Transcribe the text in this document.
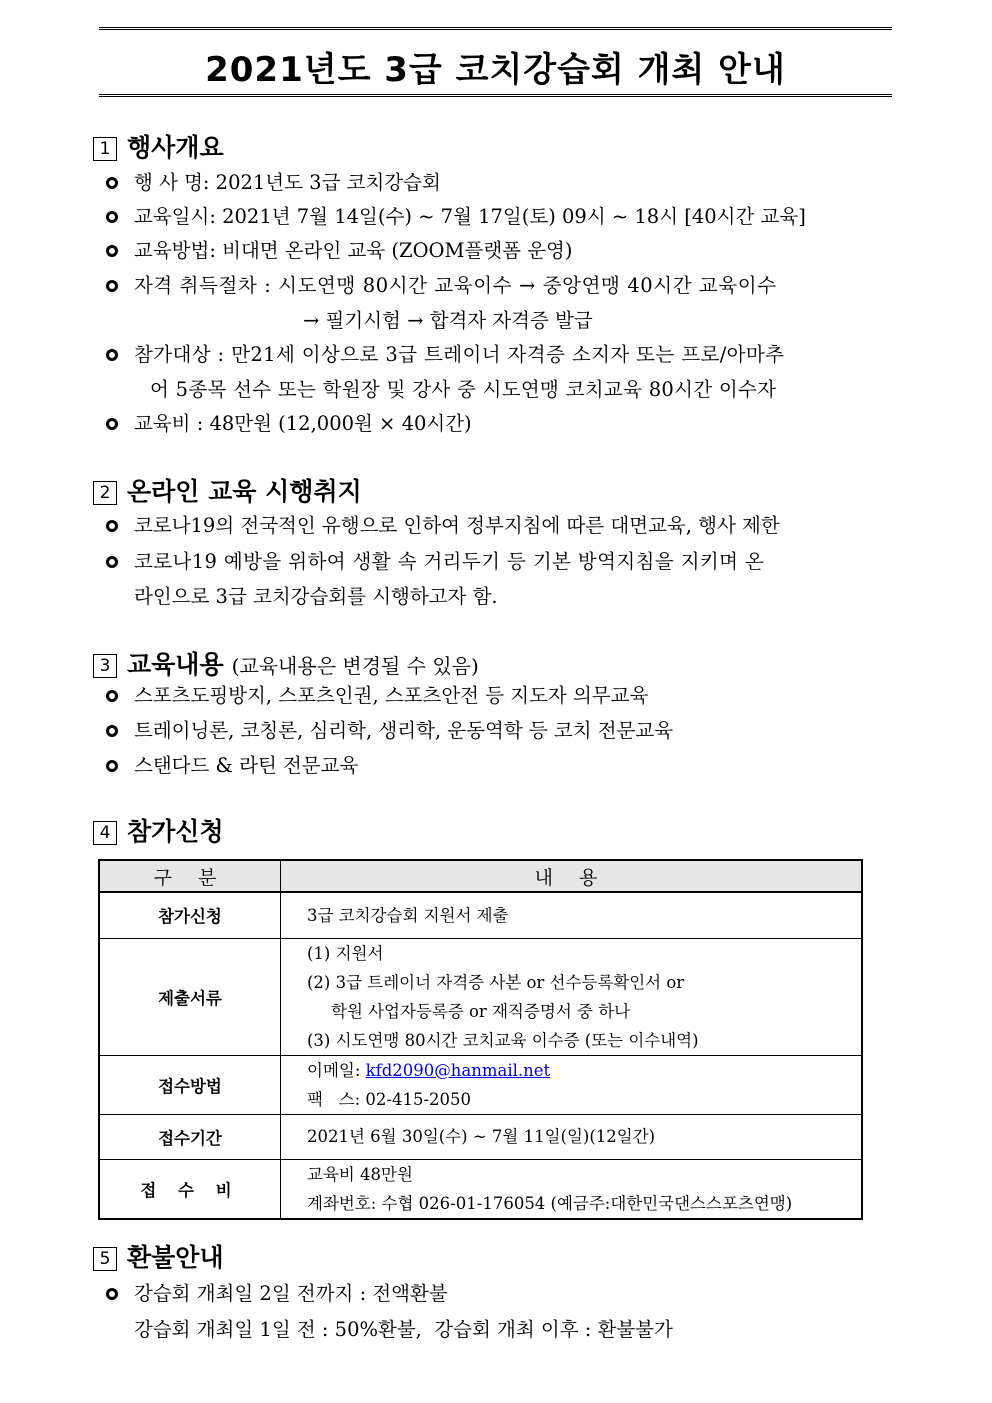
2021년도 3급 코치강습회 개최 안내
1 행사개요
행 사 명: 2021년도 3급 코치강습회
교육일시: 2021년 7월 14일(수) ~ 7월 17일(토) 09시 ~ 18시 [40시간 교육]
교육방법: 비대면 온라인 교육 (ZOOM플랫폼 운영)
자격 취득절차 : 시도연맹 80시간 교육이수 → 중앙연맹 40시간 교육이수
→ 필기시험 → 합격자 자격증 발급
참가대상 : 만21세 이상으로 3급 트레이너 자격증 소지자 또는 프로/아마추
어 5종목 선수 또는 학원장 및 강사 중 시도연맹 코치교육 80시간 이수자
교육비 : 48만원 (12,000원 × 40시간)
2 온라인 교육 시행취지
코로나19의 전국적인 유행으로 인하여 정부지침에 따른 대면교육, 행사 제한
코로나19 예방을 위하여 생활 속 거리두기 등 기본 방역지침을 지키며 온
라인으로 3급 코치강습회를 시행하고자 함.
3 교육내용 (교육내용은 변경될 수 있음)
스포츠도핑방지, 스포츠인권, 스포츠안전 등 지도자 의무교육
트레이닝론, 코칭론, 심리학, 생리학, 운동역학 등 코치 전문교육
스탠다드 & 라틴 전문교육
4 참가신청
구 분	내 용
참가신청	3급 코치강습회 지원서 제출

제출서류	(1) 지원서
(2) 3급 트레이너 자격증 사본 or 선수등록확인서 or
학원 사업자등록증 or 재직증명서 중 하나
(3) 시도연맹 80시간 코치교육 이수증 (또는 이수내역)

접수방법	이메일: kfd2090@hanmail.net
팩   스: 02-415-2050

접수기간	2021년 6월 30일(수) ~ 7월 11일(일)(12일간)

접 수 비	교육비 48만원
계좌번호: 수협 026-01-176054 (예금주:대한민국댄스스포츠연맹)
5 환불안내
강습회 개최일 2일 전까지 : 전액환불
강습회 개최일 1일 전 : 50%환불,  강습회 개최 이후 : 환불불가
